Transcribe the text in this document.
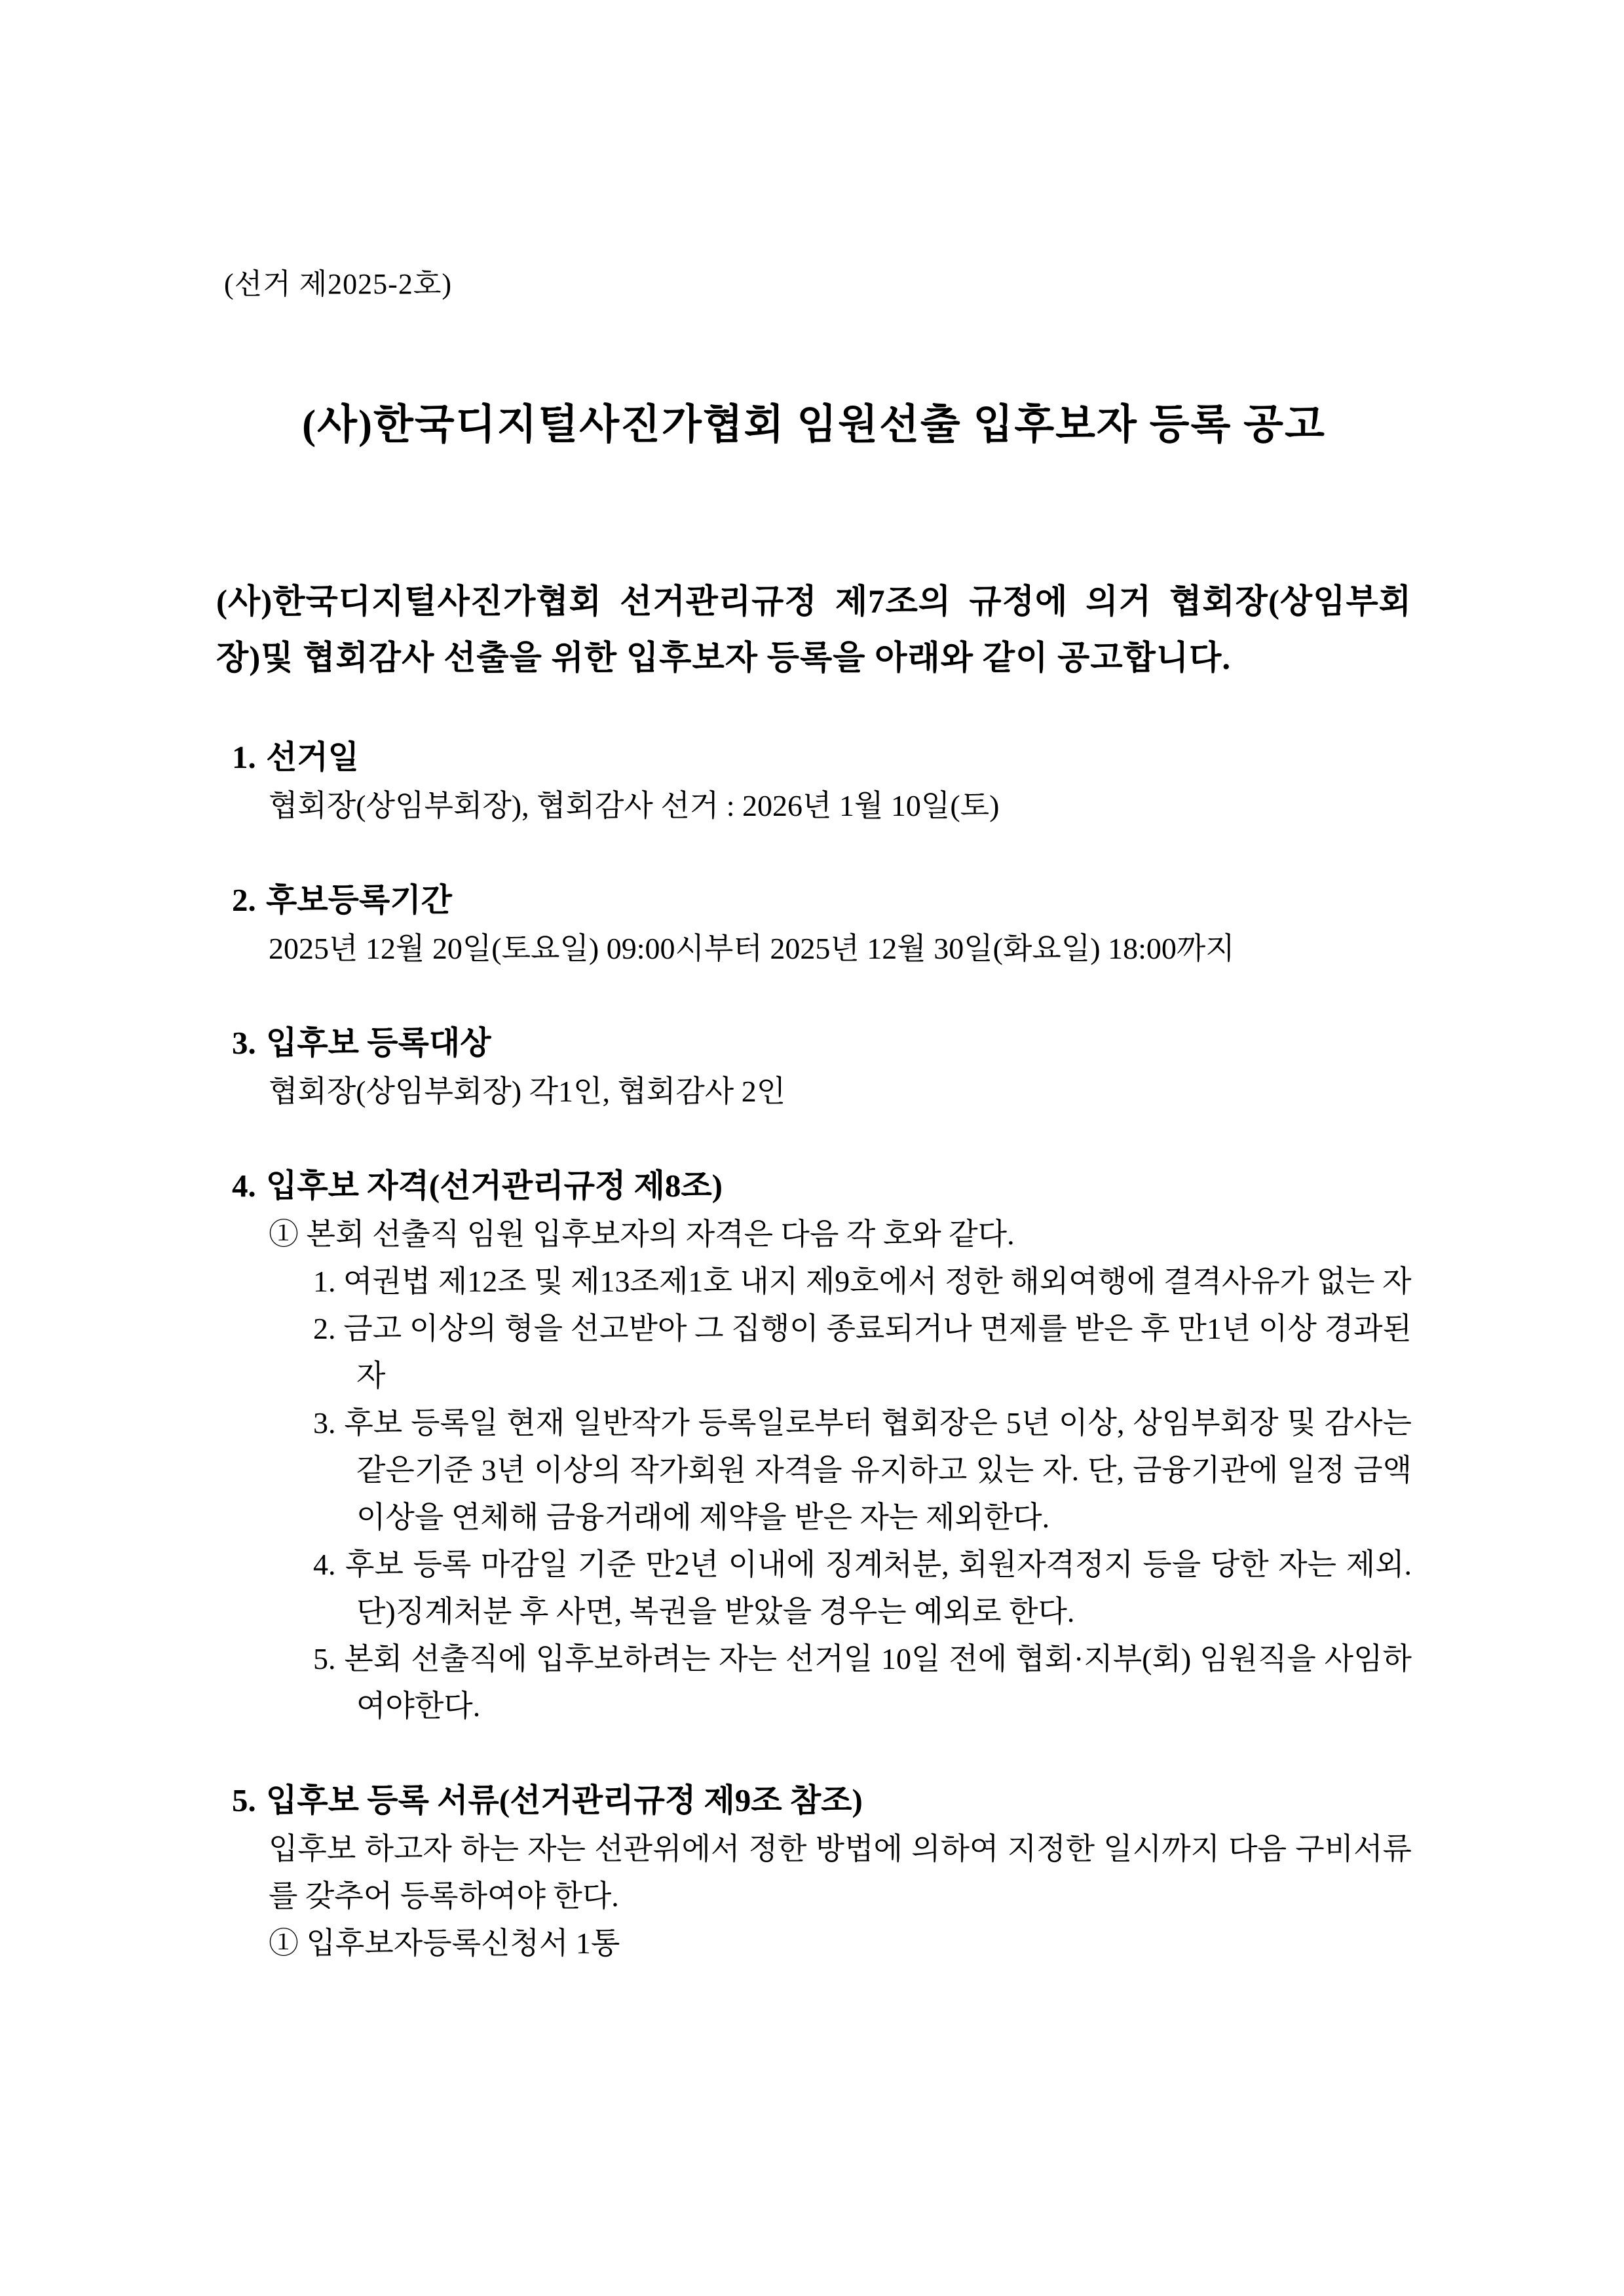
(선거 제2025-2호)
(사)한국디지털사진가협회 임원선출 입후보자 등록 공고

(사)한국디지털사진가협회 선거관리규정 제7조의 규정에 의거 협회장(상임부회장)및 협회감사 선출을 위한 입후보자 등록을 아래와 같이 공고합니다.

1. 선거일

협회장(상임부회장), 협회감사 선거 : 2026년 1월 10일(토)

2. 후보등록기간

2025년 12월 20일(토요일) 09:00시부터 2025년 12월 30일(화요일) 18:00까지

3. 입후보 등록대상

협회장(상임부회장) 각1인, 협회감사 2인

4. 입후보 자격(선거관리규정 제8조)

① 본회 선출직 임원 입후보자의 자격은 다음 각 호와 같다.

1. 여권법 제12조 및 제13조제1호 내지 제9호에서 정한 해외여행에 결격사유가 없는 자
2. 금고 이상의 형을 선고받아 그 집행이 종료되거나 면제를 받은 후 만1년 이상 경과된 자
3. 후보 등록일 현재 일반작가 등록일로부터 협회장은 5년 이상, 상임부회장 및 감사는 같은기준 3년 이상의 작가회원 자격을 유지하고 있는 자. 단, 금융기관에 일정 금액 이상을 연체해 금융거래에 제약을 받은 자는 제외한다.
4. 후보 등록 마감일 기준 만2년 이내에 징계처분, 회원자격정지 등을 당한 자는 제외. 단)징계처분 후 사면, 복권을 받았을 경우는 예외로 한다.
5. 본회 선출직에 입후보하려는 자는 선거일 10일 전에 협회·지부(회) 임원직을 사임하여야한다.
5. 입후보 등록 서류(선거관리규정 제9조 참조)

입후보 하고자 하는 자는 선관위에서 정한 방법에 의하여 지정한 일시까지 다음 구비서류를 갖추어 등록하여야 한다.

① 입후보자등록신청서 1통
